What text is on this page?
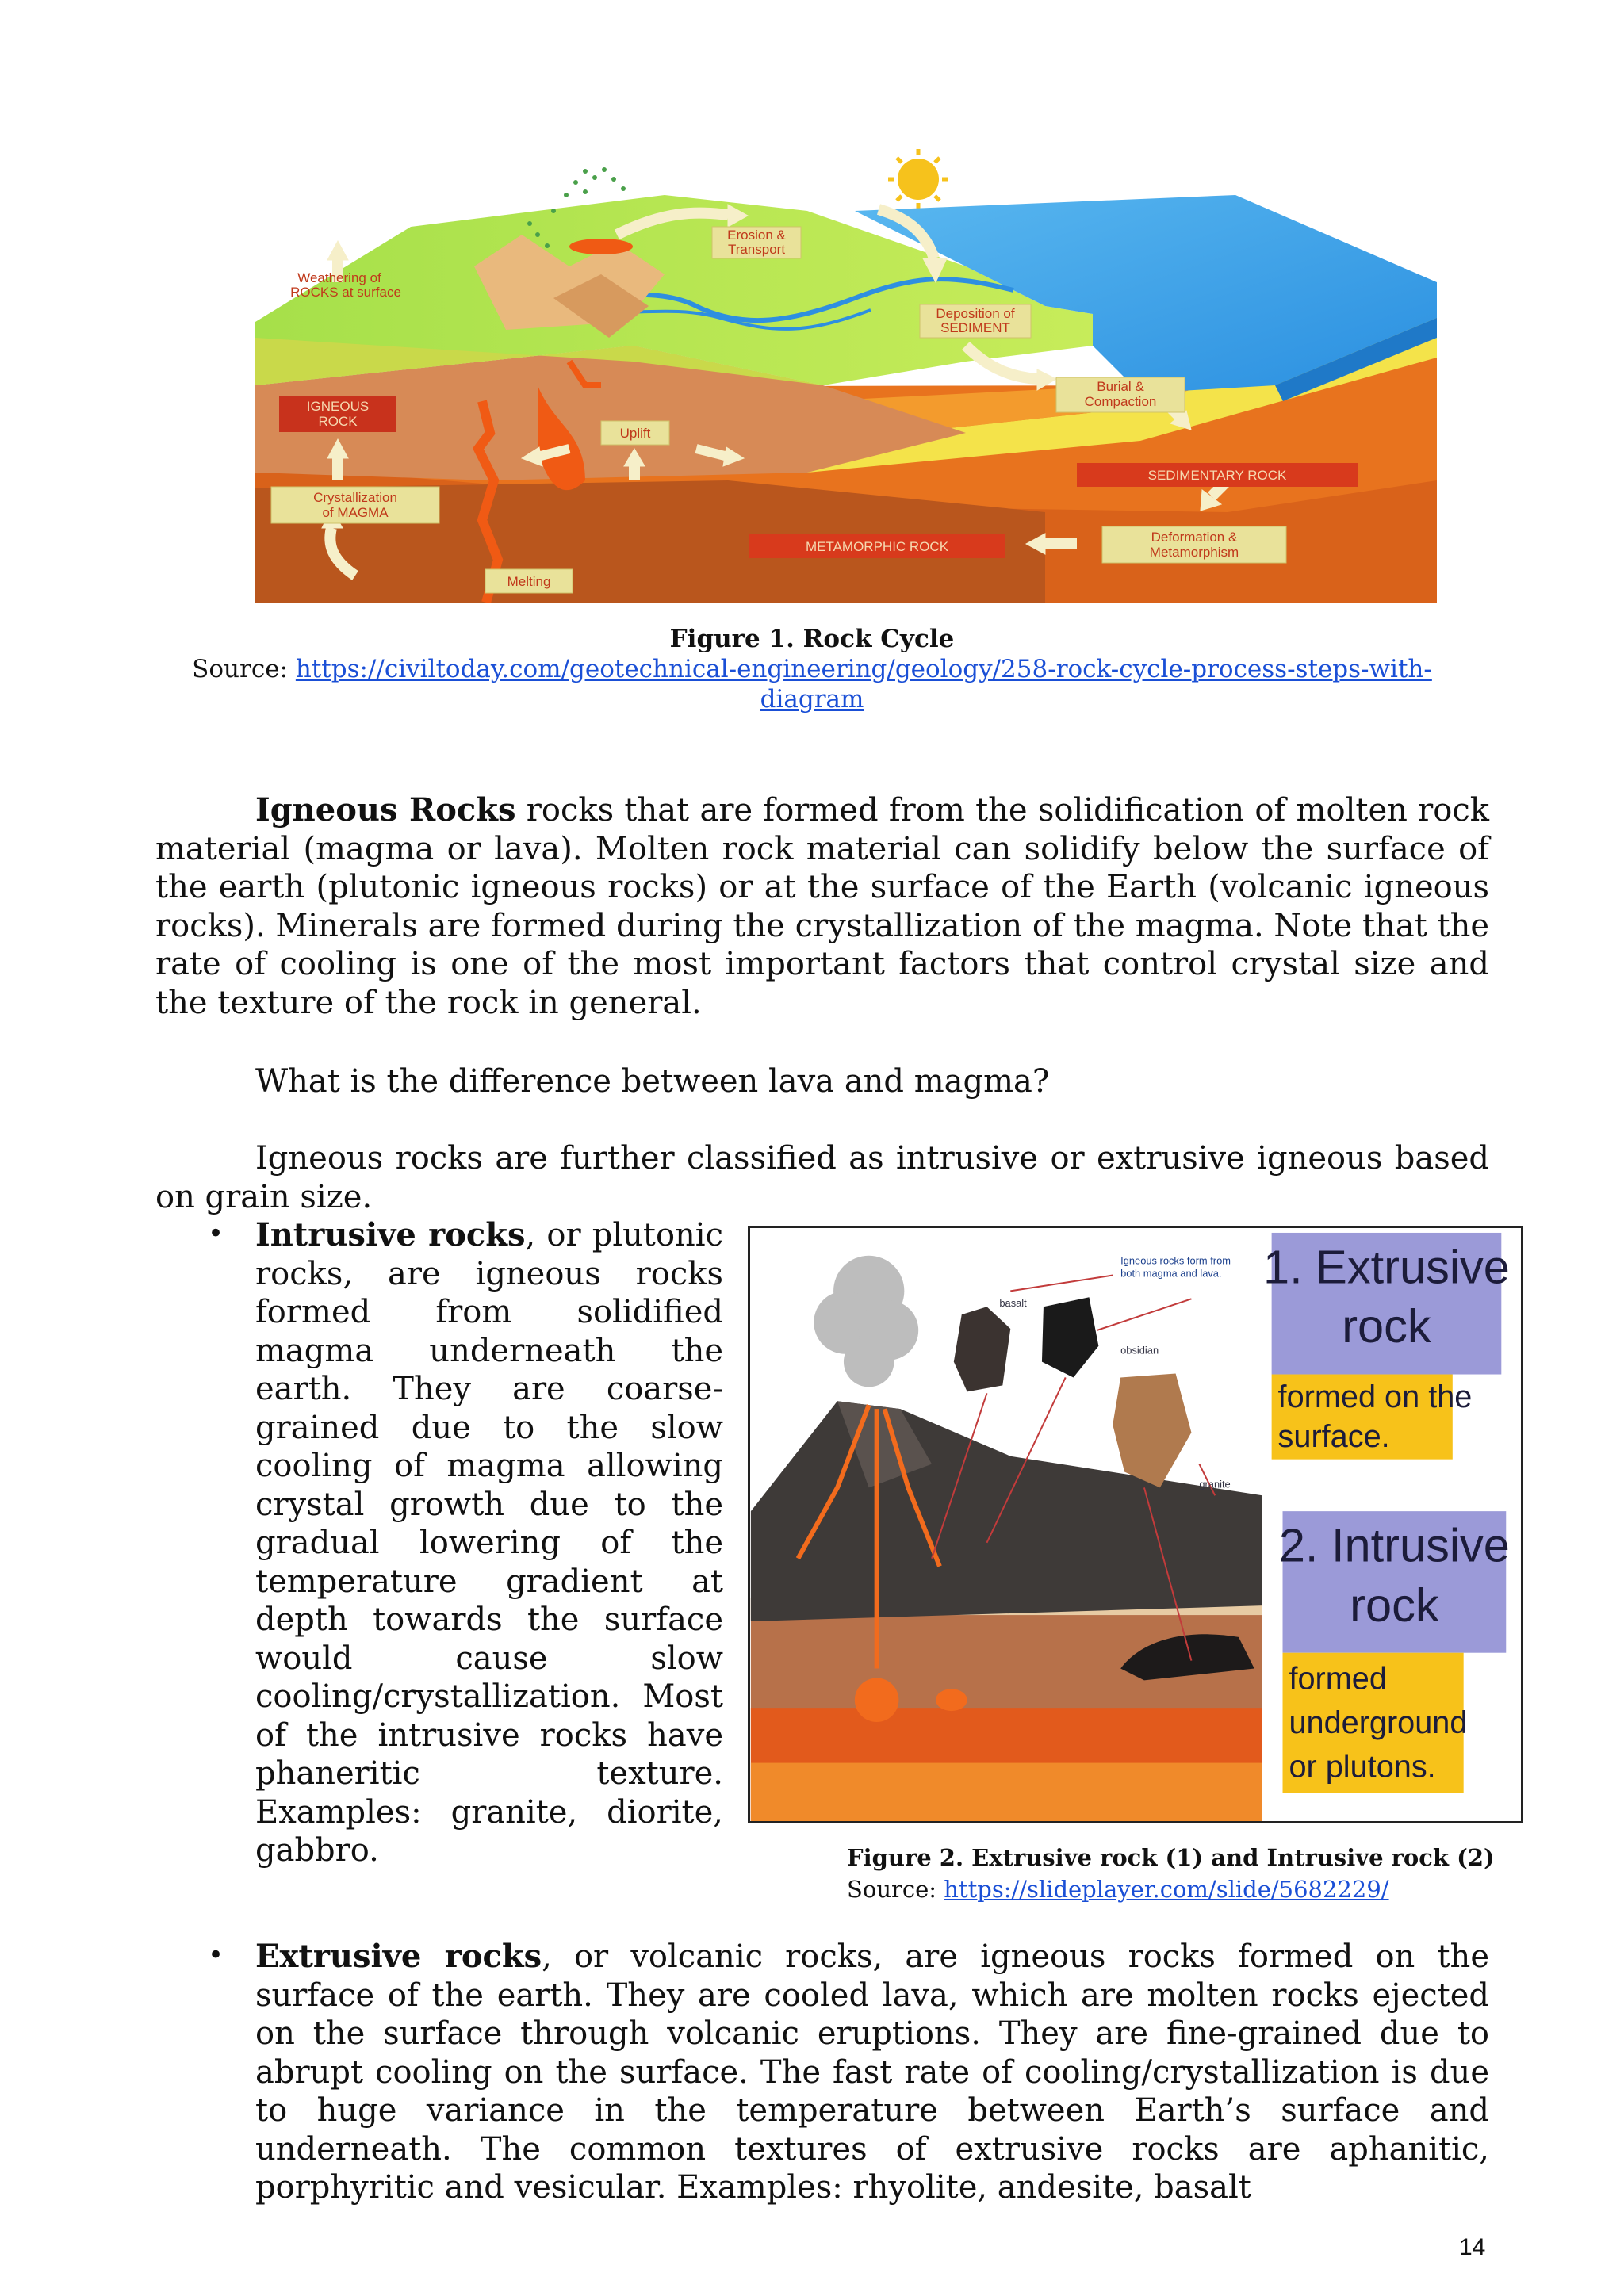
Erosion &
Transport
Weathering of
ROCKS at surface
Deposition of
SEDIMENT
Burial &
Compaction
IGNEOUS
ROCK
Uplift
SEDIMENTARY ROCK
Crystallization
of MAGMA
Deformation &
Metamorphism
METAMORPHIC ROCK
Melting
Figure 1. Rock Cycle
Source: https://civiltoday.com/geotechnical-engineering/geology/258-rock-cycle-process-steps-with-
diagram
Igneous Rocks rocks that are formed from the solidification of molten rock material (magma or lava). Molten rock material can solidify below the surface of the earth (plutonic igneous rocks) or at the surface of the Earth (volcanic igneous rocks). Minerals are formed during the crystallization of the magma. Note that the rate of cooling is one of the most important factors that control crystal size and the texture of the rock in general.
What is the difference between lava and magma?
Igneous rocks are further classified as intrusive or extrusive igneous based on grain size.
• Intrusive rocks, or plutonic rocks, are igneous rocks formed from solidified magma underneath the earth. They are coarse-grained due to the slow cooling of magma allowing crystal growth due to the gradual lowering of the temperature gradient at depth towards the surface would cause slow cooling/crystallization. Most of the intrusive rocks have phaneritic texture. Examples: granite, diorite, gabbro.
Igneous rocks form from
both magma and lava.
basalt
obsidian
granite
1. Extrusive
rock
2. Intrusive
rock
formed on the
surface.
formed
underground
or plutons.
Figure 2. Extrusive rock (1) and Intrusive rock (2)
Source: https://slideplayer.com/slide/5682229/
• Extrusive rocks, or volcanic rocks, are igneous rocks formed on the surface of the earth. They are cooled lava, which are molten rocks ejected on the surface through volcanic eruptions. They are fine-grained due to abrupt cooling on the surface. The fast rate of cooling/crystallization is due to huge variance in the temperature between Earth’s surface and underneath. The common textures of extrusive rocks are aphanitic, porphyritic and vesicular. Examples: rhyolite, andesite, basalt
14
